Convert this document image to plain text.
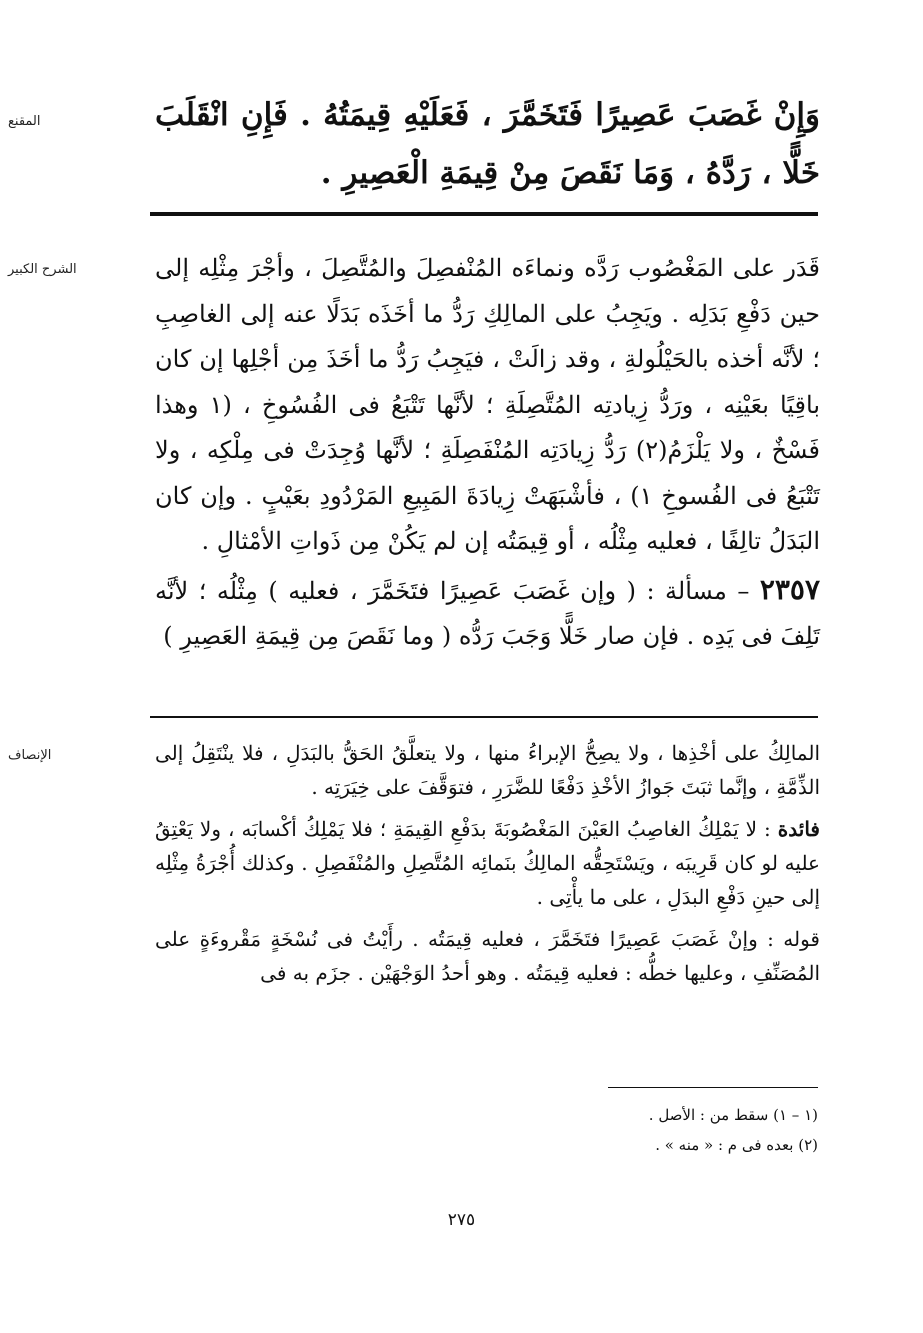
المقنع	وَإِنْ غَصَبَ عَصِيرًا فَتَخَمَّرَ ، فَعَلَيْهِ قِيمَتُهُ . فَإِنِ انْقَلَبَ خَلًّا ، رَدَّهُ ، وَمَا نَقَصَ مِنْ قِيمَةِ الْعَصِيرِ .

الشرح الكبير	قَدَر على المَغْصُوب رَدَّه ونماءَه المُنْفصِلَ والمُتَّصِلَ ، وأجْرَ مِثْلِه إلى حين دَفْعِ بَدَلِه . ويَجِبُ على المالِكِ رَدُّ ما أخَذَه بَدَلًا عنه إلى الغاصِبِ ؛ لأنَّه أخذه بالحَيْلُولةِ ، وقد زالَتْ ، فيَجِبُ رَدُّ ما أخَذَ مِن أجْلِها إن كان باقِيًا بعَيْنِه ، ورَدُّ زِيادتِه المُتَّصِلَةِ ؛ لأنَّها تَتْبَعُ فى الفُسُوخِ ، (١ وهذا فَسْخٌ ، ولا يَلْزَمُ(٢) رَدُّ زِيادَتِه المُنْفَصِلَةِ ؛ لأنَّها وُجِدَتْ فى مِلْكِه ، ولا تَتْبَعُ فى الفُسوخِ ١) ، فأشْبَهَتْ زِيادَةَ المَبِيعِ المَرْدُودِ بعَيْبٍ . وإن كان البَدَلُ تالِفًا ، فعليه مِثْلُه ، أو قِيمَتُه إن لم يَكُنْ مِن ذَواتِ الأمْثالِ .

٢٣٥٧ – مسألة : ( وإن غَصَبَ عَصِيرًا فتَخَمَّرَ ، فعليه ) مِثْلُه ؛ لأنَّه تَلِفَ فى يَدِه . فإن صار خَلًّا وَجَبَ رَدُّه ( وما نَقَصَ مِن قِيمَةِ العَصِيرِ )

الإنصاف	المالِكُ على أخْذِها ، ولا يصِحُّ الإبراءُ منها ، ولا يتعلَّقُ الحَقُّ بالبَدَلِ ، فلا ينْتَقِلُ إلى الذِّمَّةِ ، وإنَّما ثبَتَ جَوازُ الأخْذِ دَفْعًا للضَّرَرِ ، فتوَقَّفَ على خِيَرَتِه .

فائدة : لا يَمْلِكُ الغاصِبُ العَيْنَ المَغْصُوبَةَ بدَفْعِ القِيمَةِ ؛ فلا يَمْلِكُ أكْسابَه ، ولا يَعْتِقُ عليه لو كان قَرِيبَه ، ويَسْتَحِقُّه المالِكُ بنَمائِه المُتَّصِلِ والمُنْفَصِلِ . وكذلك أُجْرَةُ مِثْلِه إلى حينِ دَفْعِ البدَلِ ، على ما يأْتِى .

قوله : وإنْ غَصَبَ عَصِيرًا فتَخَمَّرَ ، فعليه قِيمَتُه . رأَيْتُ فى نُسْخَةٍ مَقْروءَةٍ على المُصَنِّفِ ، وعليها خطُّه : فعليه قِيمَتُه . وهو أحدُ الوَجْهَيْن . جزَم به فى

(١ – ١) سقط من : الأصل .

(٢) بعده فى م : « منه » .

٢٧٥
